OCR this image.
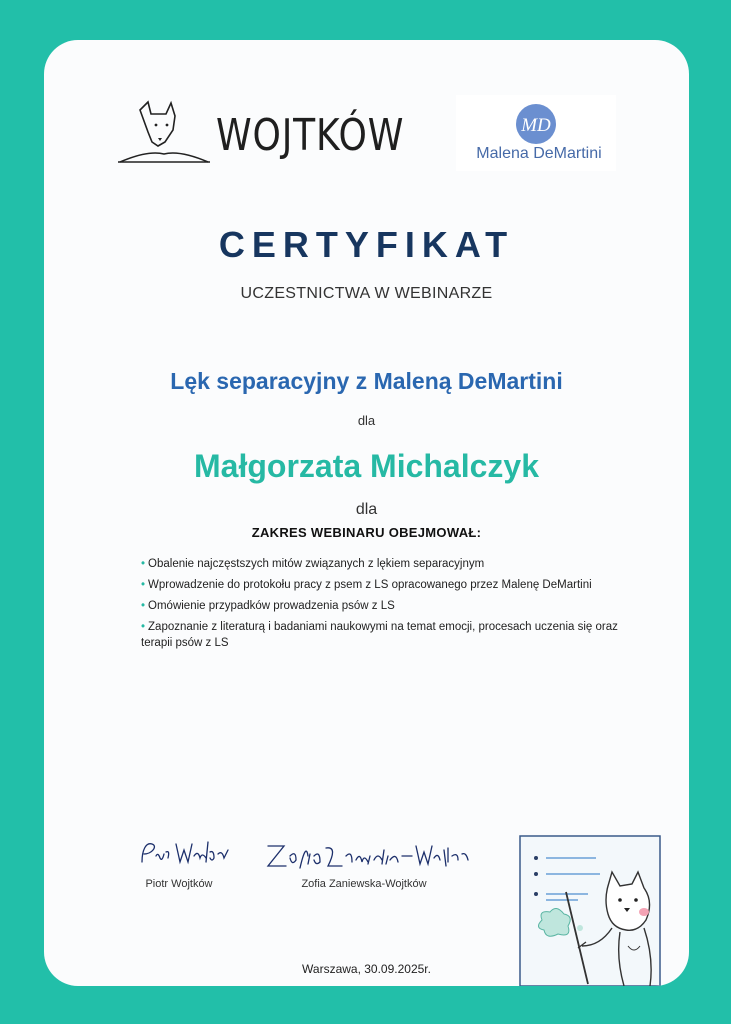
WOJTKÓW	MD
Malena DeMartini
CERTYFIKAT
UCZESTNICTWA W WEBINARZE
Lęk separacyjny z Maleną DeMartini
dla
Małgorzata Michalczyk
dla
ZAKRES WEBINARU OBEJMOWAŁ:
• Obalenie najczęstszych mitów związanych z lękiem separacyjnym
• Wprowadzenie do protokołu pracy z psem z LS opracowanego przez Malenę DeMartini
• Omówienie przypadków prowadzenia psów z LS
• Zapoznanie z literaturą i badaniami naukowymi na temat emocji, procesach uczenia się oraz terapii psów z LS
Piotr Wojtków	Zofia Zaniewska-Wojtków
Warszawa, 30.09.2025r.
